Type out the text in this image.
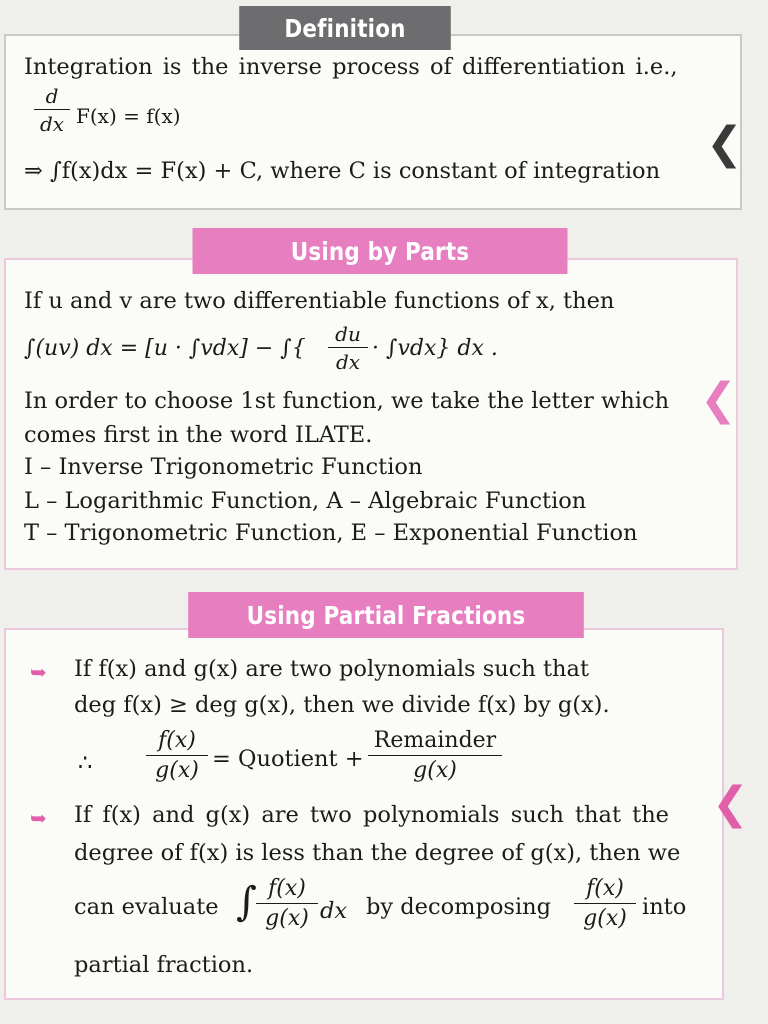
Definition
Integration is the inverse process of differentiation i.e.,
d
dx F(x) = f(x)
⇒ ∫f(x)dx = F(x) + C, where C is constant of integration
❮
Using by Parts
If u and v are two differentiable functions of x, then
∫(uv) dx = [u · ∫vdx] − ∫{
du
dx
· ∫vdx} dx .
In order to choose 1st function, we take the letter which
comes first in the word ILATE.
I – Inverse Trigonometric Function
L – Logarithmic Function, A – Algebraic Function
T – Trigonometric Function, E – Exponential Function
❮
Using Partial Fractions
➥ If f(x) and g(x) are two polynomials such that
deg f(x) ≥ deg g(x), then we divide f(x) by g(x).
∴
f(x)
g(x) = Quotient +
Remainder
g(x)
➥ If f(x) and g(x) are two polynomials such that the
degree of f(x) is less than the degree of g(x), then we
can evaluate ∫ f(x)
g(x) dx by decomposing
f(x)
g(x) into
partial fraction.
❮
